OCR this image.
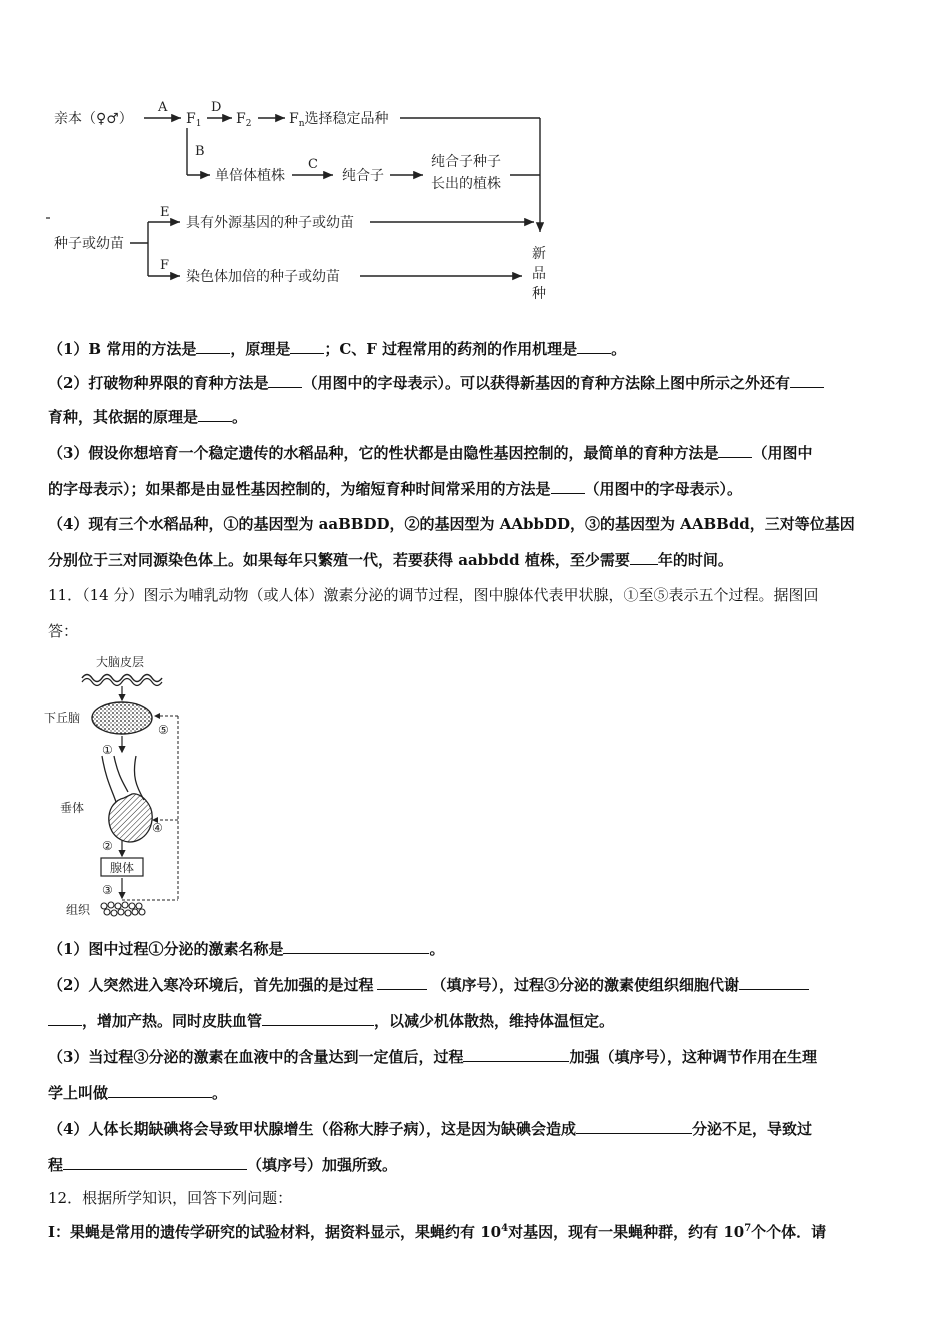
亲本（♀♂）
A
$F_1$
D
$F_2$	$F_n$选择稳定品种
B
单倍体植株
C
纯合子
纯合子种子
长出的植株
种子或幼苗
E
具有外源基因的种子或幼苗
F
染色体加倍的种子或幼苗
新
品
种
（1）B 常用的方法是 ，原理是 ；C、F 过程常用的药剂的作用机理是 。
（2）打破物种界限的育种方法是 （用图中的字母表示）。可以获得新基因的育种方法除上图中所示之外还有
育种，其依据的原理是 。
（3）假设你想培育一个稳定遗传的水稻品种，它的性状都是由隐性基因控制的，最简单的育种方法是 （用图中
的字母表示）；如果都是由显性基因控制的，为缩短育种时间常采用的方法是 （用图中的字母表示）。
（4）现有三个水稻品种，①的基因型为 aaBBDD，②的基因型为 AAbbDD，③的基因型为 AABBdd，三对等位基因
分别位于三对同源染色体上。如果每年只繁殖一代，若要获得 aabbdd 植株，至少需要 年的时间。
11．（14 分）图示为哺乳动物（或人体）激素分泌的调节过程，图中腺体代表甲状腺，①至⑤表示五个过程。据图回
答：
大脑皮层
下丘脑
①
⑤
垂体
④
②
腺体
③
组织
（1）图中过程①分泌的激素名称是	。
（2）人突然进入寒冷环境后，首先加强的是过程	（填序号），过程③分泌的激素使组织细胞代谢
，增加产热。同时皮肤血管	，以减少机体散热，维持体温恒定。
（3）当过程③分泌的激素在血液中的含量达到一定值后，过程	加强（填序号），这种调节作用在生理
学上叫做	。
（4）人体长期缺碘将会导致甲状腺增生（俗称大脖子病），这是因为缺碘会造成	分泌不足，导致过
程	（填序号）加强所致。
12．根据所学知识，回答下列问题：
I：果蝇是常用的遗传学研究的试验材料，据资料显示，果蝇约有 $10^4$对基因，现有一果蝇种群，约有 $10^7$个个体．请
